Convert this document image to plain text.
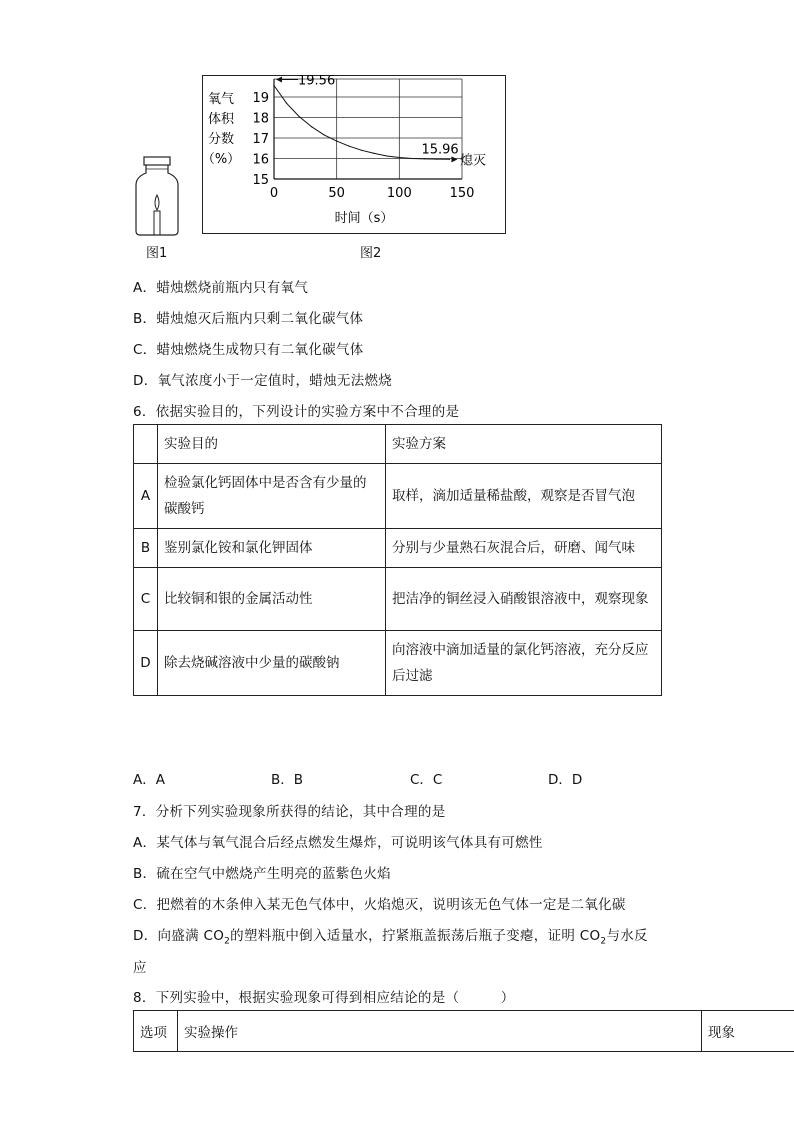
图1
氧气
体积
分数
（%）
15
16
17
18
19
0	50	100	150
19.56
15.96
熄灭
时间（s）
图2
A．蜡烛燃烧前瓶内只有氧气
B．蜡烛熄灭后瓶内只剩二氧化碳气体
C．蜡烛燃烧生成物只有二氧化碳气体
D．氧气浓度小于一定值时，蜡烛无法燃烧
6．依据实验目的，下列设计的实验方案中不合理的是
	实验目的	实验方案
A	检验氯化钙固体中是否含有少量的碳酸钙	取样，滴加适量稀盐酸，观察是否冒气泡
B	鉴别氯化铵和氯化钾固体	分别与少量熟石灰混合后，研磨、闻气味
C	比较铜和银的金属活动性	把洁净的铜丝浸入硝酸银溶液中，观察现象
D	除去烧碱溶液中少量的碳酸钠	向溶液中滴加适量的氯化钙溶液，充分反应后过滤
A．A	B．B	C．C	D．D
7．分析下列实验现象所获得的结论，其中合理的是
A．某气体与氧气混合后经点燃发生爆炸，可说明该气体具有可燃性
B．硫在空气中燃烧产生明亮的蓝紫色火焰
C．把燃着的木条伸入某无色气体中，火焰熄灭，说明该无色气体一定是二氧化碳
D．向盛满 $CO_2$的塑料瓶中倒入适量水，拧紧瓶盖振荡后瓶子变瘪，证明 $CO_2$与水反
应
8．下列实验中，根据实验现象可得到相应结论的是（　　　）
选项	实验操作	现象
